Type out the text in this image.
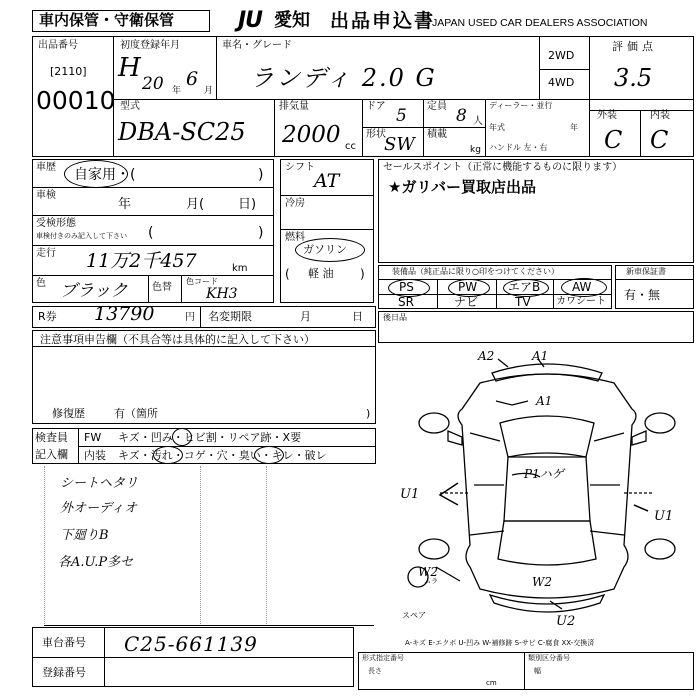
車内保管・守衛保管	JU 愛知 出品申込書
JAPAN USED CAR DEALERS ASSOCIATION
出品番号
[2110]
00010
初度登録年月
H
20 年
6
月
車名・グレード
ランディ 2.0 G
2WD
4WD
評価点
3.5
外装	内装
C C
型式
DBA-SC25
排気量
2000 cc
ドア 5
形状
SW
定員 8 人
積載
kg
ディーラー・並行
年式	年
ハンドル 左・右
車歴 自家用・(	)
車検
年	月(	日)
受検形態
車検付きのみ記入して下さい (	)
走行 11万2千457	km
色 ブラック 色替
色コード
KH3
シフト
AT
冷房
燃料
ガソリン
( 軽 油 )
セールスポイント（正常に機能するものに限ります）
★ガリバー買取店出品
装備品（純正品に限り○印をつけてください）
PS	PW	エアB	AW
SR	ナビ	TV	カワシート
新車保証書
有・無
R券 13790	円 名変期限	月	日	後日品
注意事項申告欄（不具合等は具体的に記入して下さい）
修復歴	有（箇所	)
検査員
記入欄
FW キズ・凹み・ヒビ割・リペア跡・X要
内装 キズ・汚れ・コゲ・穴・臭い・キレ・破レ
シートヘタリ
外オーディオ
下廻りB
各A.U.P多セ
A2	A1
A1
P1ハゲ
U1
U1
W2
ムラ	W2
U2
スペア
A-キズ E-エクボ U-凹み W-補修跡 S-サビ C-腐食 XX-交換済
車台番号 C25-661139
登録番号
形式指定番号
長さ
cm
類別区分番号
幅
